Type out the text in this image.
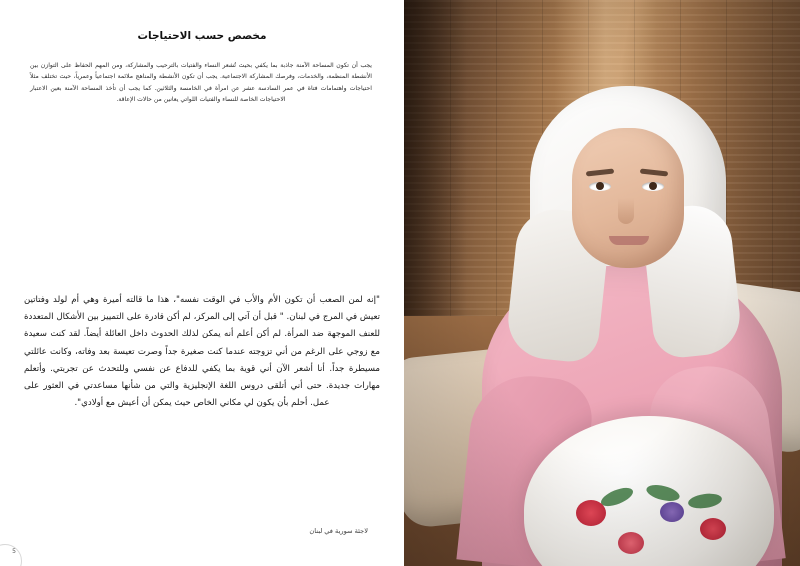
مخصص حسب الاحتياجات
يجب أن تكون المساحة الآمنة جاذبة بما يكفي بحيث تُشعر النساء والفتيات بالترحيب والمشاركة، ومن المهم الحفاظ على التوازن بين الأنشطة المنظمة، والخدمات، وفرصك المشاركة الاجتماعية. يجب أن تكون الأنشطة والمناهج ملائمة اجتماعياً وعمرياً، حيث تختلف مثلاً احتياجات واهتمامات فتاة في عمر السادسة عشر عن امرأة في الخامسة والثلاثين. كما يجب أن تأخذ المساحة الآمنة بعين الاعتبار الاحتياجات الخاصة للنساء والفتيات اللواتي يعانين من حالات الإعاقة.
"إنه لمن الصعب أن تكون الأم والأب في الوقت نفسه"، هذا ما قالته أميرة وهي أم لولد وفتاتين تعيش في المرج في لبنان. " قبل أن آتي إلى المركز، لم أكن قادرة على التمييز بين الأشكال المتعددة للعنف الموجهة ضد المرأة. لم أكن أعلم أنه يمكن لذلك الحدوث داخل العائلة أيضاً. لقد كنت سعيدة مع زوجي على الرغم من أني تزوجته عندما كنت صغيرة جداً وصرت تعيسة بعد وفاته، وكانت عائلتي مسيطرة جداً. أنا أشعر الآن أني قوية بما يكفي للدفاع عن نفسي وللتحدث عن تجربتي. وأتعلم مهارات جديدة. حتى أني أتلقى دروس اللغة الإنجليزية والتي من شأنها مساعدتي في العثور على عمل. أحلم بأن يكون لي مكاني الخاص حيث يمكن أن أعيش مع أولادي".
لاجئة سورية في لبنان
5
